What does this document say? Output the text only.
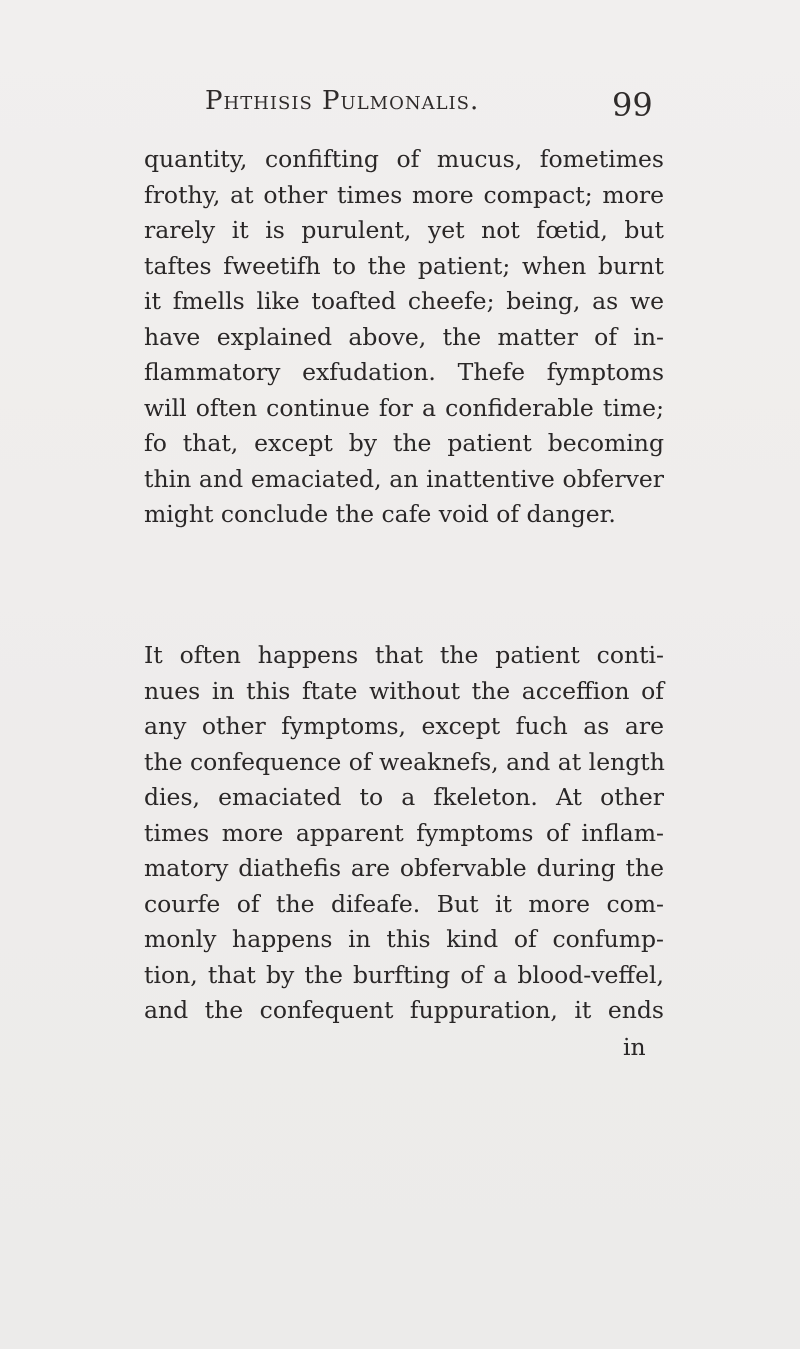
Phthisis Pulmonalis.	99
quantity, confifting of mucus, fometimes
frothy, at other times more compact; more
rarely it is purulent, yet not fœtid, but
taftes fweetifh to the patient; when burnt
it fmells like toafted cheefe; being, as we
have explained above, the matter of in-
flammatory exfudation. Thefe fymptoms
will often continue for a confiderable time;
fo that, except by the patient becoming
thin and emaciated, an inattentive obferver
might conclude the cafe void of danger.
It often happens that the patient conti-
nues in this ftate without the acceffion of
any other fymptoms, except fuch as are
the confequence of weaknefs, and at length
dies, emaciated to a fkeleton. At other
times more apparent fymptoms of inflam-
matory diathefis are obfervable during the
courfe of the difeafe. But it more com-
monly happens in this kind of confump-
tion, that by the burfting of a blood-veffel,
and the confequent fuppuration, it ends
in
